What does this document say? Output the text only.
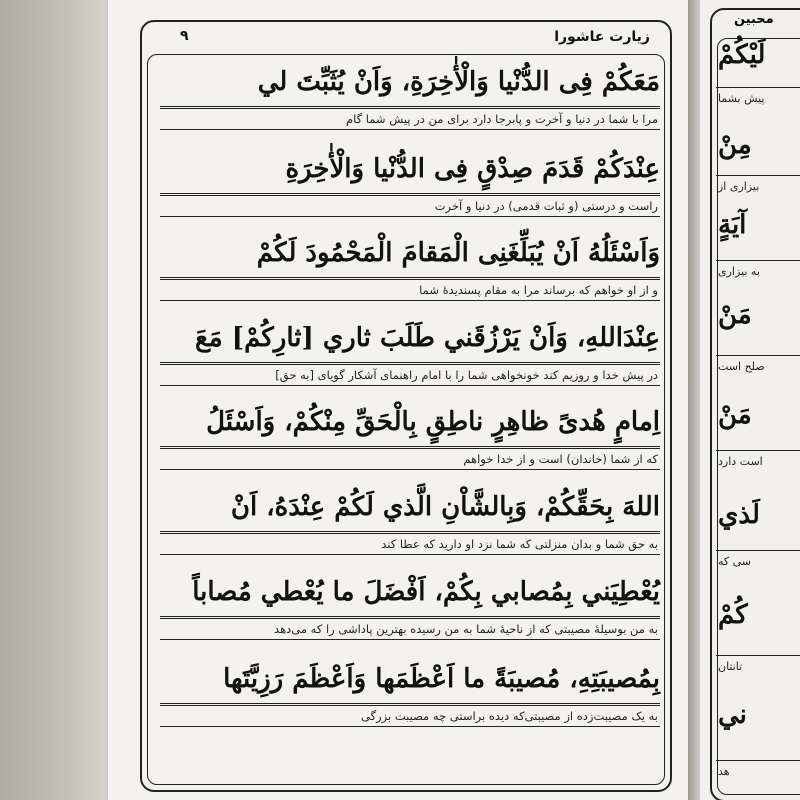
زیارت عاشورا
۹
مَعَكُمْ فِى الدُّنْيا وَالْأٰخِرَةِ، وَاَنْ يُثَبِّتَ لي
مرا با شما در دنیا و آخرت و پابرجا دارد برای من در پیش شما گام
عِنْدَكُمْ قَدَمَ صِدْقٍ فِى الدُّنْيا وَالْأٰخِرَةِ
راست و درستی (و ثبات قدمی) در دنیا و آخرت
وَاَسْئَلُهُ اَنْ يُبَلِّغَنِى الْمَقامَ الْمَحْمُودَ لَكُمْ
و از او خواهم که برساند مرا به مقام پسندیدهٔ شما
عِنْدَاللهِ، وَاَنْ يَرْزُقَني طَلَبَ ثاري [ثارِكُمْ] مَعَ
در پیش خدا و روزیم کند خونخواهی شما را با امام راهنمای آشکار گویای [به حق]
اِمامٍ هُدىً ظاهِرٍ ناطِقٍ بِالْحَقِّ مِنْكُمْ، وَاَسْئَلُ
که از شما (خاندان) است و از خدا خواهم
اللهَ بِحَقِّكُمْ، وَبِالشَّاْنِ الَّذي لَكُمْ عِنْدَهُ، اَنْ
به حق شما و بدان منزلتی که شما نزد او دارید که عطا کند
يُعْطِيَني بِمُصابي بِكُمْ، اَفْضَلَ ما يُعْطي مُصاباً
به من بوسیلهٔ مصیبتی که از ناحیهٔ شما به من رسیده بهترین پاداشی را که می‌دهد
بِمُصيبَتِهِ، مُصيبَةً ما اَعْظَمَها وَاَعْظَمَ رَزِيَّتَها
به یک مصیبت‌زده از مصیبتی‌که دیده براستی چه مصیبت بزرگی
محبين
لَيْكُمْ
مِنْ
آيَةٍ
مَنْ
مَنْ
لَذي
كُمْ
ني
پیش بشما
بیزاری از
به بیزاری
صلح است
است دارد
سی که
تانتان
هد
